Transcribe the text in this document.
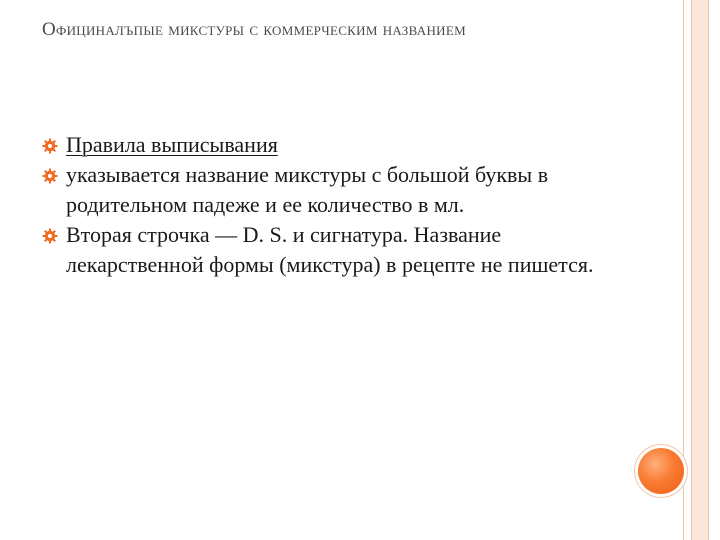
Официналъпые микстуры с коммерческим названием
Правила выписывания
указывается название микстуры с большой буквы в родительном падеже и ее количество в мл.
Вторая строчка — D. S. и сигнатура. Название лекарственной формы (микстура) в рецепте не пишется.
